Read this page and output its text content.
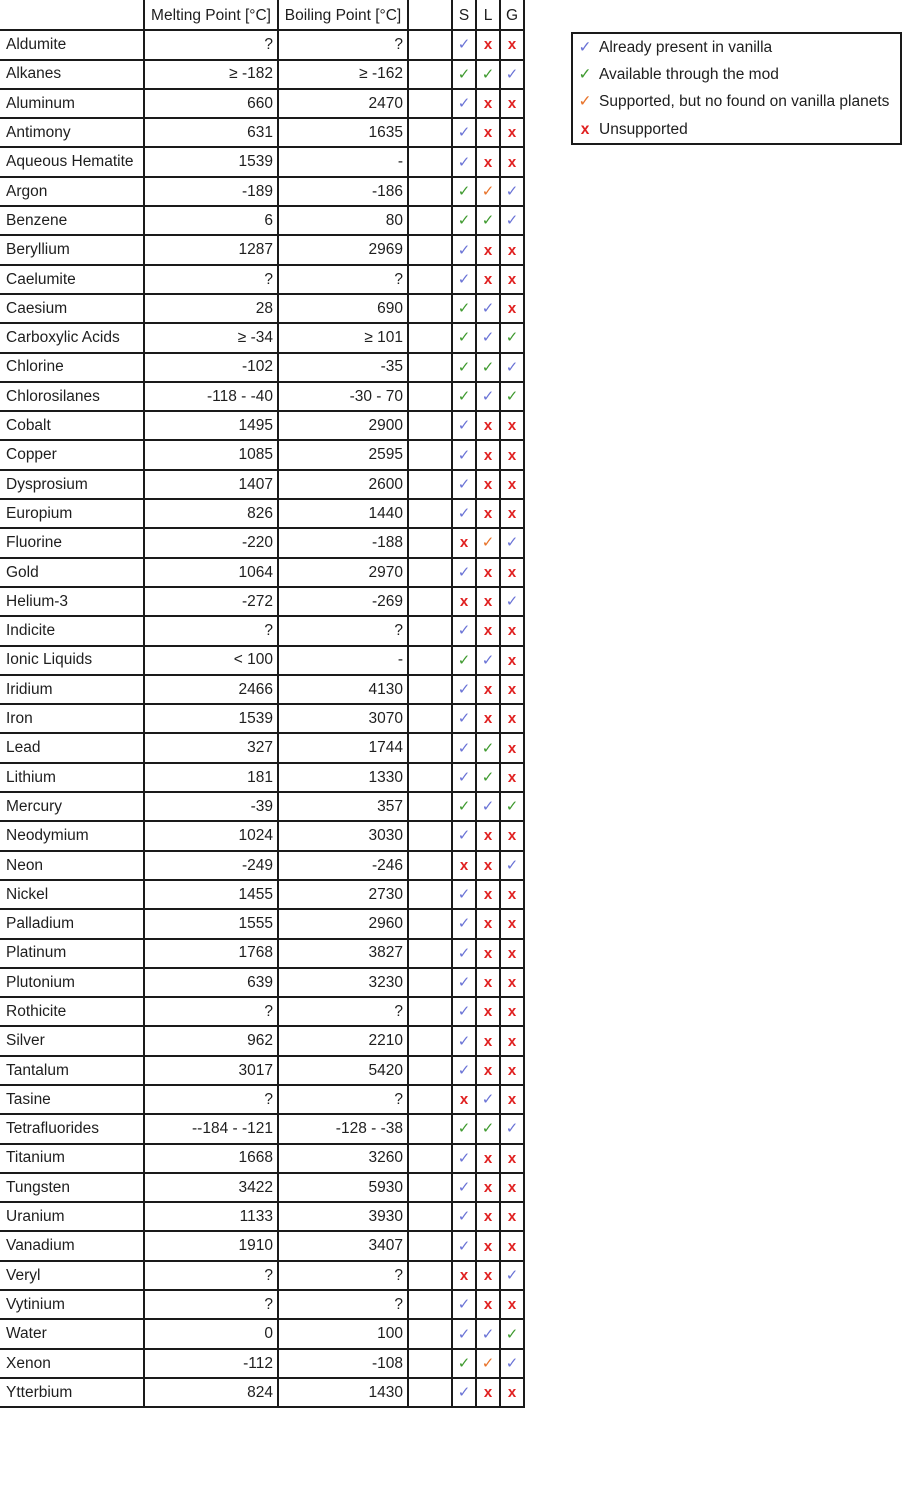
	Melting Point [°C]	Boiling Point [°C]		S	L	G
Aldumite	?	?		✓	x	x
Alkanes	≥ -182	≥ -162		✓	✓	✓
Aluminum	660	2470		✓	x	x
Antimony	631	1635		✓	x	x
Aqueous Hematite	1539	-		✓	x	x
Argon	-189	-186		✓	✓	✓
Benzene	6	80		✓	✓	✓
Beryllium	1287	2969		✓	x	x
Caelumite	?	?		✓	x	x
Caesium	28	690		✓	✓	x
Carboxylic Acids	≥ -34	≥ 101		✓	✓	✓
Chlorine	-102	-35		✓	✓	✓
Chlorosilanes	-118 - -40	-30 - 70		✓	✓	✓
Cobalt	1495	2900		✓	x	x
Copper	1085	2595		✓	x	x
Dysprosium	1407	2600		✓	x	x
Europium	826	1440		✓	x	x
Fluorine	-220	-188		x	✓	✓
Gold	1064	2970		✓	x	x
Helium-3	-272	-269		x	x	✓
Indicite	?	?		✓	x	x
Ionic Liquids	< 100	-		✓	✓	x
Iridium	2466	4130		✓	x	x
Iron	1539	3070		✓	x	x
Lead	327	1744		✓	✓	x
Lithium	181	1330		✓	✓	x
Mercury	-39	357		✓	✓	✓
Neodymium	1024	3030		✓	x	x
Neon	-249	-246		x	x	✓
Nickel	1455	2730		✓	x	x
Palladium	1555	2960		✓	x	x
Platinum	1768	3827		✓	x	x
Plutonium	639	3230		✓	x	x
Rothicite	?	?		✓	x	x
Silver	962	2210		✓	x	x
Tantalum	3017	5420		✓	x	x
Tasine	?	?		x	✓	x
Tetrafluorides	--184 - -121	-128 - -38		✓	✓	✓
Titanium	1668	3260		✓	x	x
Tungsten	3422	5930		✓	x	x
Uranium	1133	3930		✓	x	x
Vanadium	1910	3407		✓	x	x
Veryl	?	?		x	x	✓
Vytinium	?	?		✓	x	x
Water	0	100		✓	✓	✓
Xenon	-112	-108		✓	✓	✓
Ytterbium	824	1430		✓	x	x
✓	Already present in vanilla
✓	Available through the mod
✓	Supported, but no found on vanilla planets
x	Unsupported
